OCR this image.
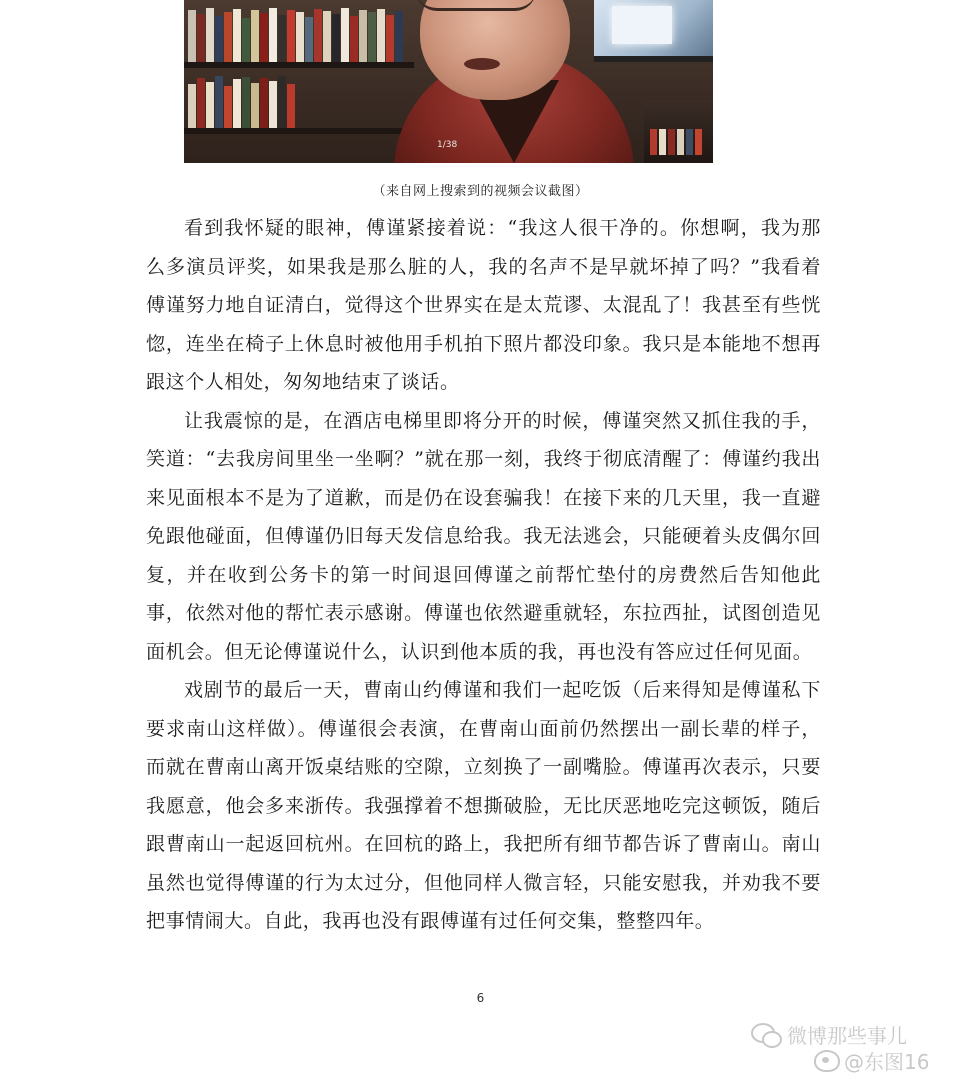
1/38
（来自网上搜索到的视频会议截图）

看到我怀疑的眼神，傅谨紧接着说：“我这人很干净的。你想啊，我为那么多演员评奖，如果我是那么脏的人，我的名声不是早就坏掉了吗？”我看着傅谨努力地自证清白，觉得这个世界实在是太荒谬、太混乱了！我甚至有些恍惚，连坐在椅子上休息时被他用手机拍下照片都没印象。我只是本能地不想再跟这个人相处，匆匆地结束了谈话。

让我震惊的是，在酒店电梯里即将分开的时候，傅谨突然又抓住我的手，笑道：“去我房间里坐一坐啊？”就在那一刻，我终于彻底清醒了：傅谨约我出来见面根本不是为了道歉，而是仍在设套骗我！在接下来的几天里，我一直避免跟他碰面，但傅谨仍旧每天发信息给我。我无法逃会，只能硬着头皮偶尔回复，并在收到公务卡的第一时间退回傅谨之前帮忙垫付的房费然后告知他此事，依然对他的帮忙表示感谢。傅谨也依然避重就轻，东拉西扯，试图创造见面机会。但无论傅谨说什么，认识到他本质的我，再也没有答应过任何见面。

戏剧节的最后一天，曹南山约傅谨和我们一起吃饭（后来得知是傅谨私下要求南山这样做）。傅谨很会表演，在曹南山面前仍然摆出一副长辈的样子，而就在曹南山离开饭桌结账的空隙，立刻换了一副嘴脸。傅谨再次表示，只要我愿意，他会多来浙传。我强撑着不想撕破脸，无比厌恶地吃完这顿饭，随后跟曹南山一起返回杭州。在回杭的路上，我把所有细节都告诉了曹南山。南山虽然也觉得傅谨的行为太过分，但他同样人微言轻，只能安慰我，并劝我不要把事情闹大。自此，我再也没有跟傅谨有过任何交集，整整四年。

6
微博那些事儿
@东图16
